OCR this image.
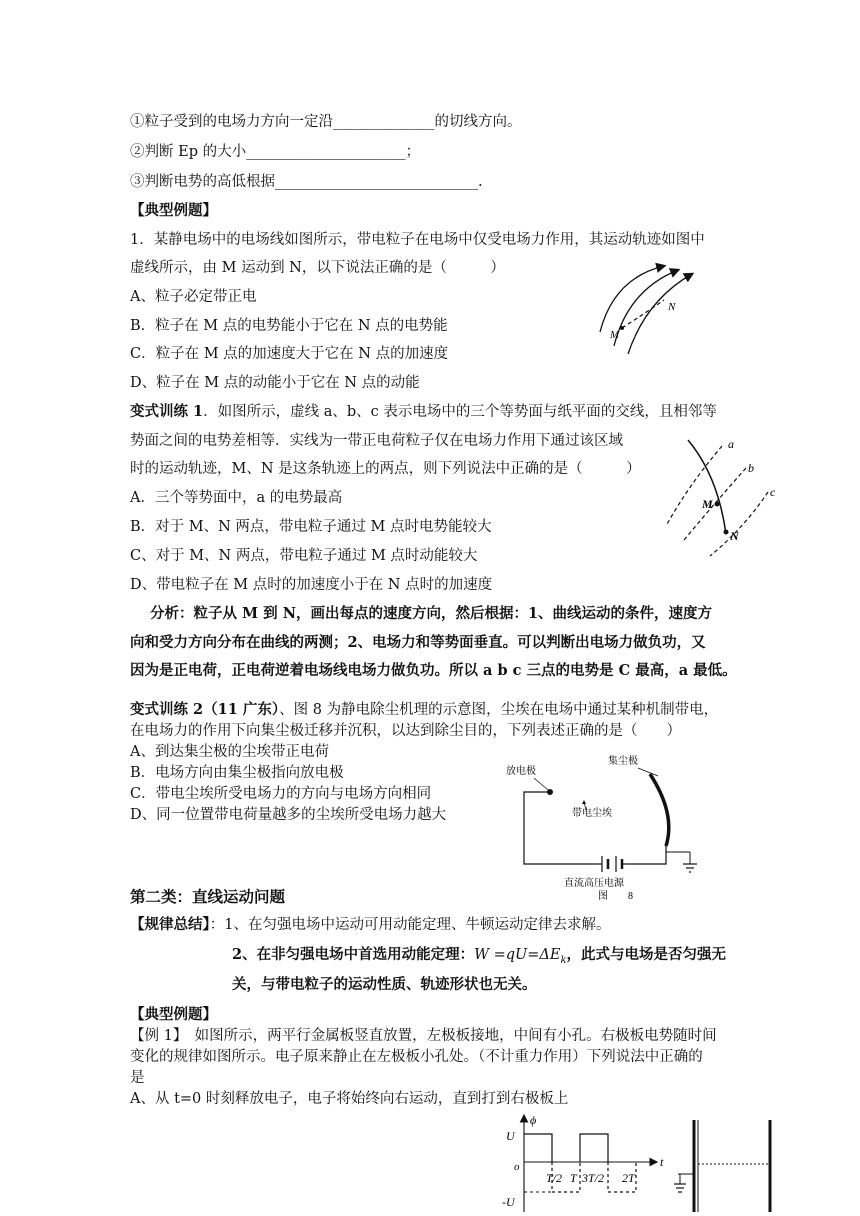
①粒子受到的电场力方向一定沿______________的切线方向。
②判断 Ep 的大小______________________；
③判断电势的高低根据____________________________.
【典型例题】
1．某静电场中的电场线如图所示，带电粒子在电场中仅受电场力作用，其运动轨迹如图中
虚线所示，由 M 运动到 N，以下说法正确的是（　　　）
A、粒子必定带正电
B．粒子在 M 点的电势能小于它在 N 点的电势能
C．粒子在 M 点的加速度大于它在 N 点的加速度
D、粒子在 M 点的动能小于它在 N 点的动能
M
N
变式训练 1．如图所示，虚线 a、b、c 表示电场中的三个等势面与纸平面的交线，且相邻等
势面之间的电势差相等．实线为一带正电荷粒子仅在电场力作用下通过该区域
时的运动轨迹，M、N 是这条轨迹上的两点，则下列说法中正确的是（　　　）
A．三个等势面中，a 的电势最高
B．对于 M、N 两点，带电粒子通过 M 点时电势能较大
C、对于 M、N 两点，带电粒子通过 M 点时动能较大
D、带电粒子在 M 点时的加速度小于在 N 点时的加速度
a
b
c
M
N
分析：粒子从 M 到 N，画出每点的速度方向，然后根据：1、曲线运动的条件，速度方
向和受力方向分布在曲线的两测；2、电场力和等势面垂直。可以判断出电场力做负功，又
因为是正电荷，正电荷逆着电场线电场力做负功。所以 a b c 三点的电势是 C 最高，a 最低。
变式训练 2（11 广东）、图 8 为静电除尘机理的示意图，尘埃在电场中通过某种机制带电，
在电场力的作用下向集尘极迁移并沉积，以达到除尘目的，下列表述正确的是（　　）
A、到达集尘极的尘埃带正电荷
B．电场方向由集尘极指向放电极
C．带电尘埃所受电场力的方向与电场方向相同
D、同一位置带电荷量越多的尘埃所受电场力越大
放电极
集尘极
带电尘埃
直流高压电源
图　　8
第二类：直线运动问题
【规律总结】：1、在匀强电场中运动可用动能定理、牛顿运动定律去求解。
2、在非匀强电场中首选用动能定理：$W =qU=\Delta E_k$，此式与电场是否匀强无
关，与带电粒子的运动性质、轨迹形状也无关。
【典型例题】
【例 1】　如图所示，两平行金属板竖直放置，左极板接地，中间有小孔。右极板电势随时间
变化的规律如图所示。电子原来静止在左极板小孔处。（不计重力作用）下列说法中正确的
是
A、从 t=0 时刻释放电子，电子将始终向右运动，直到打到右极板上
ϕ
U
-U
o	t
T/2 T 3T/2 2T
